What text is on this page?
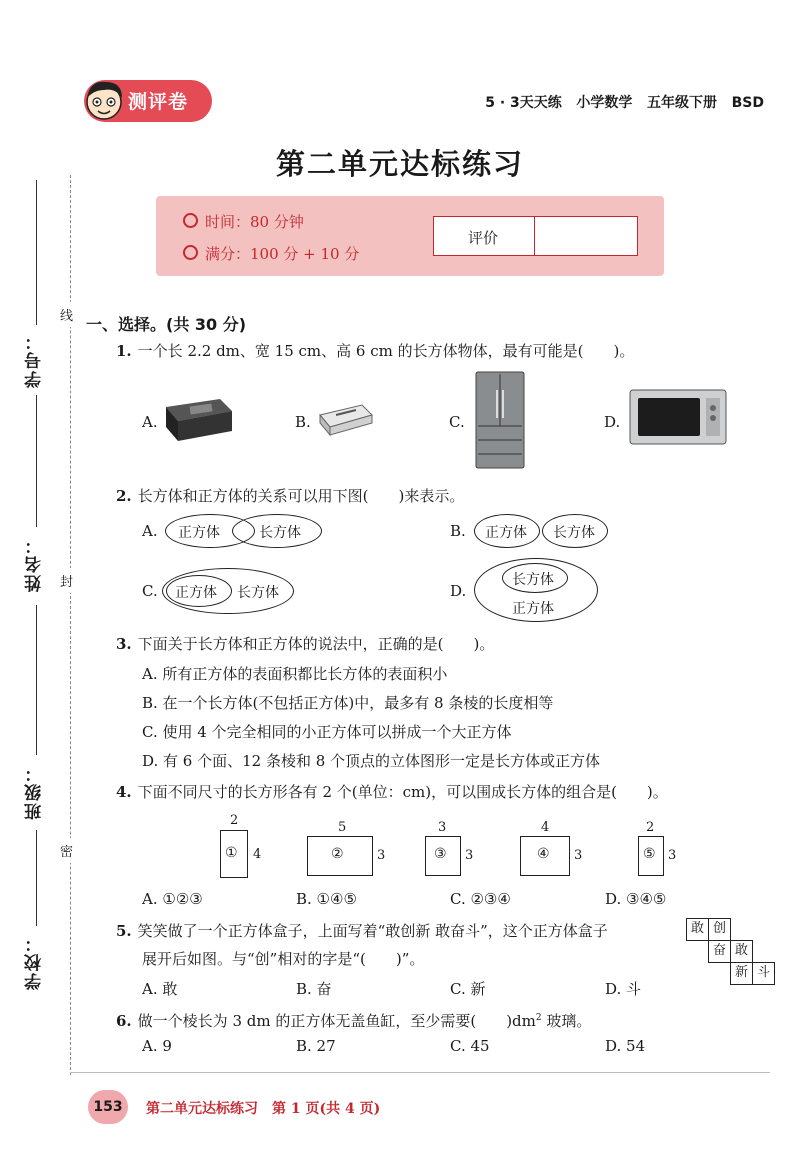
学号：
姓名：
班级：
学校：
线
封
密
测评卷	5 · 3天天练   小学数学   五年级下册   BSD
第二单元达标练习
时间：80 分钟
满分：100 分 + 10 分
评价
一、选择。(共 30 分)
1. 一个长 2.2 dm、宽 15 cm、高 6 cm 的长方体物体，最有可能是(　　)。
A.	B.	C.	D.
2. 长方体和正方体的关系可以用下图(　　)来表示。
A. 正方体	长方体	B. 正方体 长方体
C. 正方体 长方体	D.
长方体
正方体
3. 下面关于长方体和正方体的说法中，正确的是(　　)。
A. 所有正方体的表面积都比长方体的表面积小
B. 在一个长方体(不包括正方体)中，最多有 8 条棱的长度相等
C. 使用 4 个完全相同的小正方体可以拼成一个大正方体
D. 有 6 个面、12 条棱和 8 个顶点的立体图形一定是长方体或正方体
4. 下面不同尺寸的长方形各有 2 个(单位：cm)，可以围成长方体的组合是(　　)。
2
① 4
5
②	3
3
③ 3
4
④ 3
2
⑤ 3
A. ①②③	B. ①④⑤	C. ②③④	D. ③④⑤
5. 笑笑做了一个正方体盒子，上面写着“敢创新 敢奋斗”，这个正方体盒子
展开后如图。与“创”相对的字是“(　　)”。
敢 创
奋 敢
新 斗
A. 敢	B. 奋	C. 新	D. 斗
6. 做一个棱长为 3 dm 的正方体无盖鱼缸，至少需要(　　)$dm^2$ 玻璃。
A. 9	B. 27	C. 45	D. 54
153	第二单元达标练习　第 1 页(共 4 页)
